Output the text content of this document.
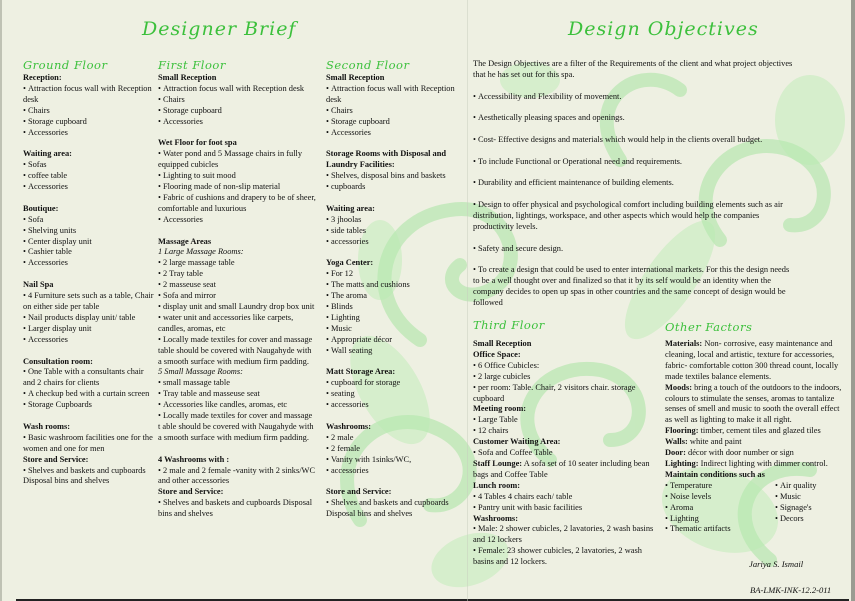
Designer Brief
Ground Floor	First Floor	Second Floor
Reception:
• Attraction focus wall with Reception desk
• Chairs
• Storage cupboard
• Accessories
Waiting area:
• Sofas
• coffee table
• Accessories
Boutique:
• Sofa
• Shelving units
• Center display unit
• Cashier table
• Accessories
Nail Spa
• 4 Furniture sets such as a table, Chair on either side per table
• Nail products display unit/ table
• Larger display unit
• Accessories
Consultation room:
• One Table with a consultants chair and 2 chairs for clients
• A checkup bed with a curtain screen
• Storage Cupboards
Wash rooms:
• Basic washroom facilities one for the women and one for men
Store and Service:
• Shelves and baskets and cupboards Disposal bins and shelves
Small Reception
• Attraction focus wall with Reception desk
• Chairs
• Storage cupboard
• Accessories
Wet Floor for foot spa
• Water pond and 5 Massage chairs in fully equipped cubicles
• Lighting to suit mood
• Flooring made of non-slip material
• Fabric of cushions and drapery to be of sheer, comfortable and luxurious
• Accessories
Massage Areas
1 Large Massage Rooms:
• 2 large massage table
• 2 Tray table
• 2 masseuse seat
• Sofa and mirror
• display unit and small Laundry drop box unit
• water unit and accessories like carpets, candles, aromas, etc
• Locally made textiles for cover and massage table should be covered with Naugahyde with a smooth surface with medium firm padding.
5 Small Massage Rooms:
• small massage table
• Tray table and masseuse seat
• Accessories like candles, aromas, etc
• Locally made textiles for cover and massage t able should be covered with Naugahyde with a smooth surface with medium firm padding.
4 Washrooms with :
• 2 male and 2 female -vanity with 2 sinks/WC and other accessories
Store and Service:
• Shelves and baskets and cupboards Disposal bins and shelves
Small Reception
• Attraction focus wall with Reception desk
• Chairs
• Storage cupboard
• Accessories
Storage Rooms with Disposal and Laundry Facilities:
• Shelves, disposal bins and baskets
• cupboards
Waiting area:
• 3 jhoolas
• side tables
• accessories
Yoga Center:
• For 12
• The matts and cushions
• The aroma
• Blinds
• Lighting
• Music
• Appropriate décor
• Wall seating
Matt Storage Area:
• cupboard for storage
• seating
• accessories
Washrooms:
• 2 male
• 2 female
• Vanity with 1sinks/WC,
• accessories
Store and Service:
• Shelves and baskets and cupboards Disposal bins and shelves
Design Objectives
The Design Objectives are a filter of the Requirements of the client and what project objectives that he has set out for this spa.
• Accessibility and Flexibility of movement.
• Aesthetically pleasing spaces and openings.
• Cost- Effective designs and materials which would help in the clients overall budget.
• To include Functional or Operational need and requirements.
• Durability and efficient maintenance of building elements.
• Design to offer physical and psychological comfort including building elements such as air distribution, lightings, workspace, and other aspects which would help the companies productivity levels.
• Safety and secure design.
• To create a design that could be used to enter international markets. For this the design needs to be a well thought over and finalized so that it by its self would be an identity when the company decides to open up spas in other countries and the same concept of design would be followed
Third Floor
Small Reception
Office Space:
• 6 Office Cubicles:
• 2 large cubicles
• per room: Table. Chair, 2 visitors chair. storage cupboard
Meeting room:
• Large Table
• 12 chairs
Customer Waiting Area:
• Sofa and Coffee Table
Staff Lounge: A sofa set of 10 seater including bean bags and Coffee Table
Lunch room:
• 4 Tables 4 chairs each/ table
• Pantry unit with basic facilities
Washrooms:
• Male: 2 shower cubicles, 2 lavatories, 2 wash basins and 12 lockers
• Female: 23 shower cubicles, 2 lavatories, 2 wash basins and 12 lockers.
Other Factors
Materials: Non- corrosive, easy maintenance and cleaning, local and artistic, texture for accessories, fabric- comfortable cotton 300 thread count, locally made textiles balance elements.
Moods: bring a touch of the outdoors to the indoors, colours to stimulate the senses, aromas to tantalize senses of smell and music to sooth the overall effect as well as lighting to make it all right.
Flooring: timber, cement tiles and glazed tiles
Walls: white and paint
Door: décor with door number or sign
Lighting: Indirect lighting with dimmer control.
Maintain conditions such as
• Temperature
• Noise levels
• Aroma
• Lighting
• Thematic artifacts
• Air quality
• Music
• Signage's
• Decors
Jariya S. Ismail
BA-LMK-INK-12.2-011
